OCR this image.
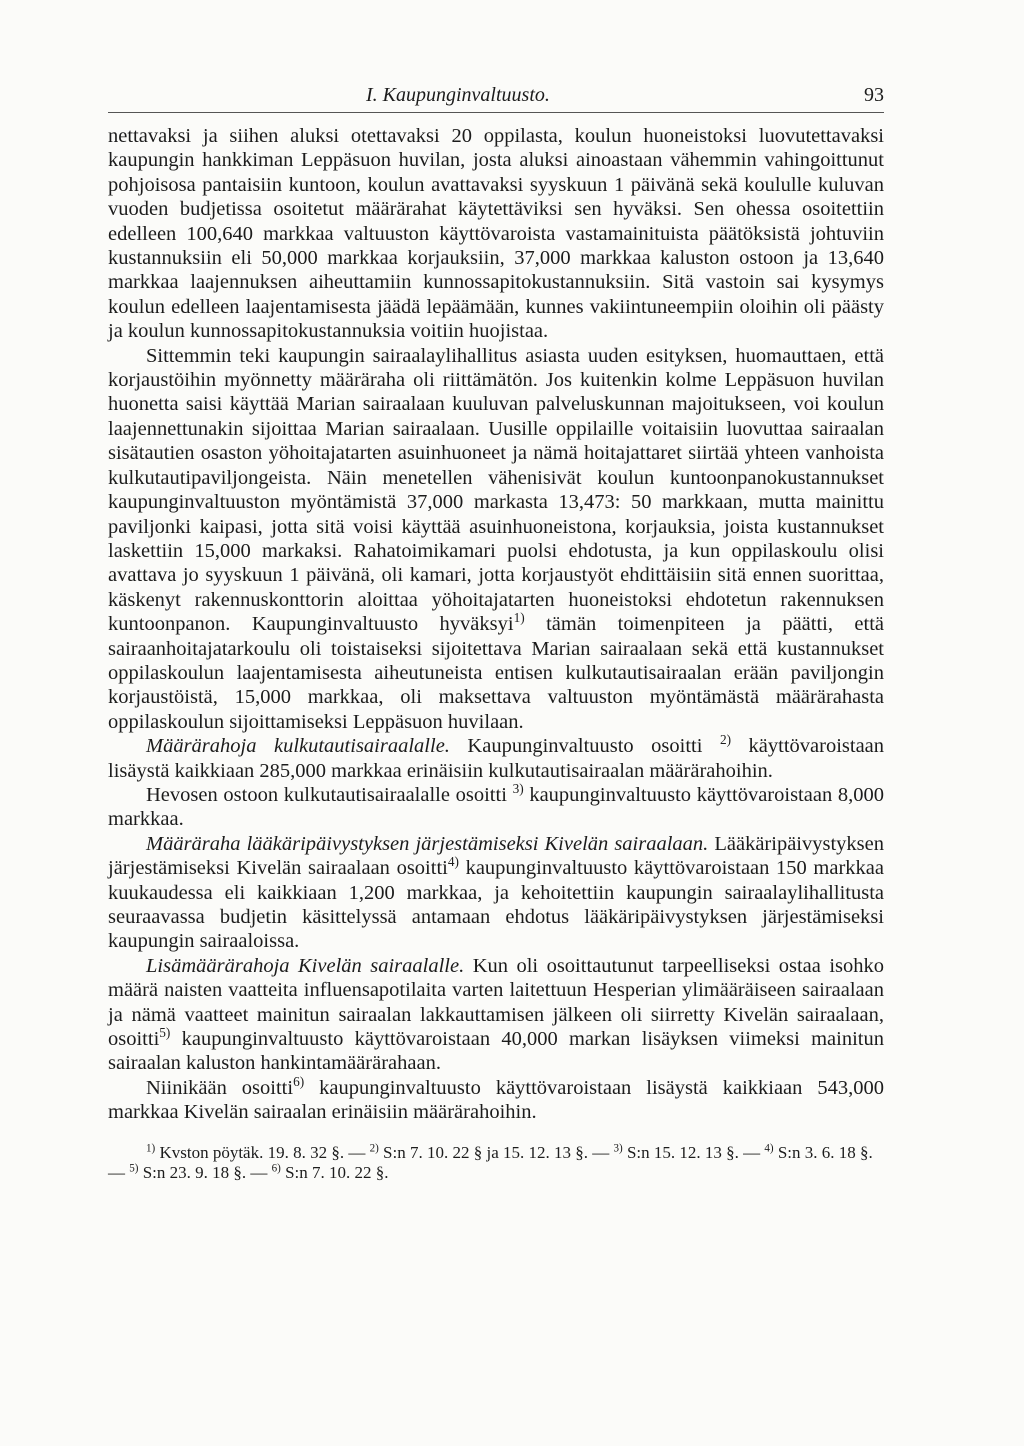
I. Kaupunginvaltuusto.	93

nettavaksi ja siihen aluksi otettavaksi 20 oppilasta, koulun huoneistoksi luovutettavaksi kaupungin hankkiman Leppäsuon huvilan, josta aluksi ainoastaan vähemmin vahingoittunut pohjoisosa pantaisiin kuntoon, koulun avattavaksi syyskuun 1 päivänä sekä koululle kuluvan vuoden budjetissa osoitetut määrärahat käytettäviksi sen hyväksi. Sen ohessa osoitettiin edelleen 100,640 markkaa valtuuston käyttövaroista vastamainituista päätöksistä johtuviin kustannuksiin eli 50,000 markkaa korjauksiin, 37,000 markkaa kaluston ostoon ja 13,640 markkaa laajennuksen aiheuttamiin kunnossapitokustannuksiin. Sitä vastoin sai kysymys koulun edelleen laajentamisesta jäädä lepäämään, kunnes vakiintuneempiin oloihin oli päästy ja koulun kunnossapitokustannuksia voitiin huojistaa.

Sittemmin teki kaupungin sairaalaylihallitus asiasta uuden esityksen, huomauttaen, että korjaustöihin myönnetty määräraha oli riittämätön. Jos kuitenkin kolme Leppäsuon huvilan huonetta saisi käyttää Marian sairaalaan kuuluvan palveluskunnan majoitukseen, voi koulun laajennettunakin sijoittaa Marian sairaalaan. Uusille oppilaille voitaisiin luovuttaa sairaalan sisätautien osaston yöhoitajatarten asuinhuoneet ja nämä hoitajattaret siirtää yhteen vanhoista kulkutautipaviljongeista. Näin menetellen vähenisivät koulun kuntoonpanokustannukset kaupunginvaltuuston myöntämistä 37,000 markasta 13,473: 50 markkaan, mutta mainittu paviljonki kaipasi, jotta sitä voisi käyttää asuinhuoneistona, korjauksia, joista kustannukset laskettiin 15,000 markaksi. Rahatoimikamari puolsi ehdotusta, ja kun oppilaskoulu olisi avattava jo syyskuun 1 päivänä, oli kamari, jotta korjaustyöt ehdittäisiin sitä ennen suorittaa, käskenyt rakennuskonttorin aloittaa yöhoitajatarten huoneistoksi ehdotetun rakennuksen kuntoonpanon. Kaupunginvaltuusto hyväksyi$^{1)}$ tämän toimenpiteen ja päätti, että sairaanhoitajatarkoulu oli toistaiseksi sijoitettava Marian sairaalaan sekä että kustannukset oppilaskoulun laajentamisesta aiheutuneista entisen kulkutautisairaalan erään paviljongin korjaustöistä, 15,000 markkaa, oli maksettava valtuuston myöntämästä määrärahasta oppilaskoulun sijoittamiseksi Leppäsuon huvilaan.

Määrärahoja kulkutautisairaalalle. Kaupunginvaltuusto osoitti $^{2)}$ käyttövaroistaan lisäystä kaikkiaan 285,000 markkaa erinäisiin kulkutautisairaalan määrärahoihin.

Hevosen ostoon kulkutautisairaalalle osoitti $^{3)}$ kaupunginvaltuusto käyttövaroistaan 8,000 markkaa.

Määräraha lääkäripäivystyksen järjestämiseksi Kivelän sairaalaan. Lääkäripäivystyksen järjestämiseksi Kivelän sairaalaan osoitti$^{4)}$ kaupunginvaltuusto käyttövaroistaan 150 markkaa kuukaudessa eli kaikkiaan 1,200 markkaa, ja kehoitettiin kaupungin sairaalaylihallitusta seuraavassa budjetin käsittelyssä antamaan ehdotus lääkäripäivystyksen järjestämiseksi kaupungin sairaaloissa.

Lisämäärärahoja Kivelän sairaalalle. Kun oli osoittautunut tarpeelliseksi ostaa isohko määrä naisten vaatteita influensapotilaita varten laitettuun Hesperian ylimääräiseen sairaalaan ja nämä vaatteet mainitun sairaalan lakkauttamisen jälkeen oli siirretty Kivelän sairaalaan, osoitti$^{5)}$ kaupunginvaltuusto käyttövaroistaan 40,000 markan lisäyksen viimeksi mainitun sairaalan kaluston hankintamäärärahaan.

Niinikään osoitti$^{6)}$ kaupunginvaltuusto käyttövaroistaan lisäystä kaikkiaan 543,000 markkaa Kivelän sairaalan erinäisiin määrärahoihin.

$^{1)}$ Kvston pöytäk. 19. 8. 32 §. — $^{2)}$ S:n 7. 10. 22 § ja 15. 12. 13 §. — $^{3)}$ S:n 15. 12. 13 §. — $^{4)}$ S:n 3. 6. 18 §. — $^{5)}$ S:n 23. 9. 18 §. — $^{6)}$ S:n 7. 10. 22 §.
